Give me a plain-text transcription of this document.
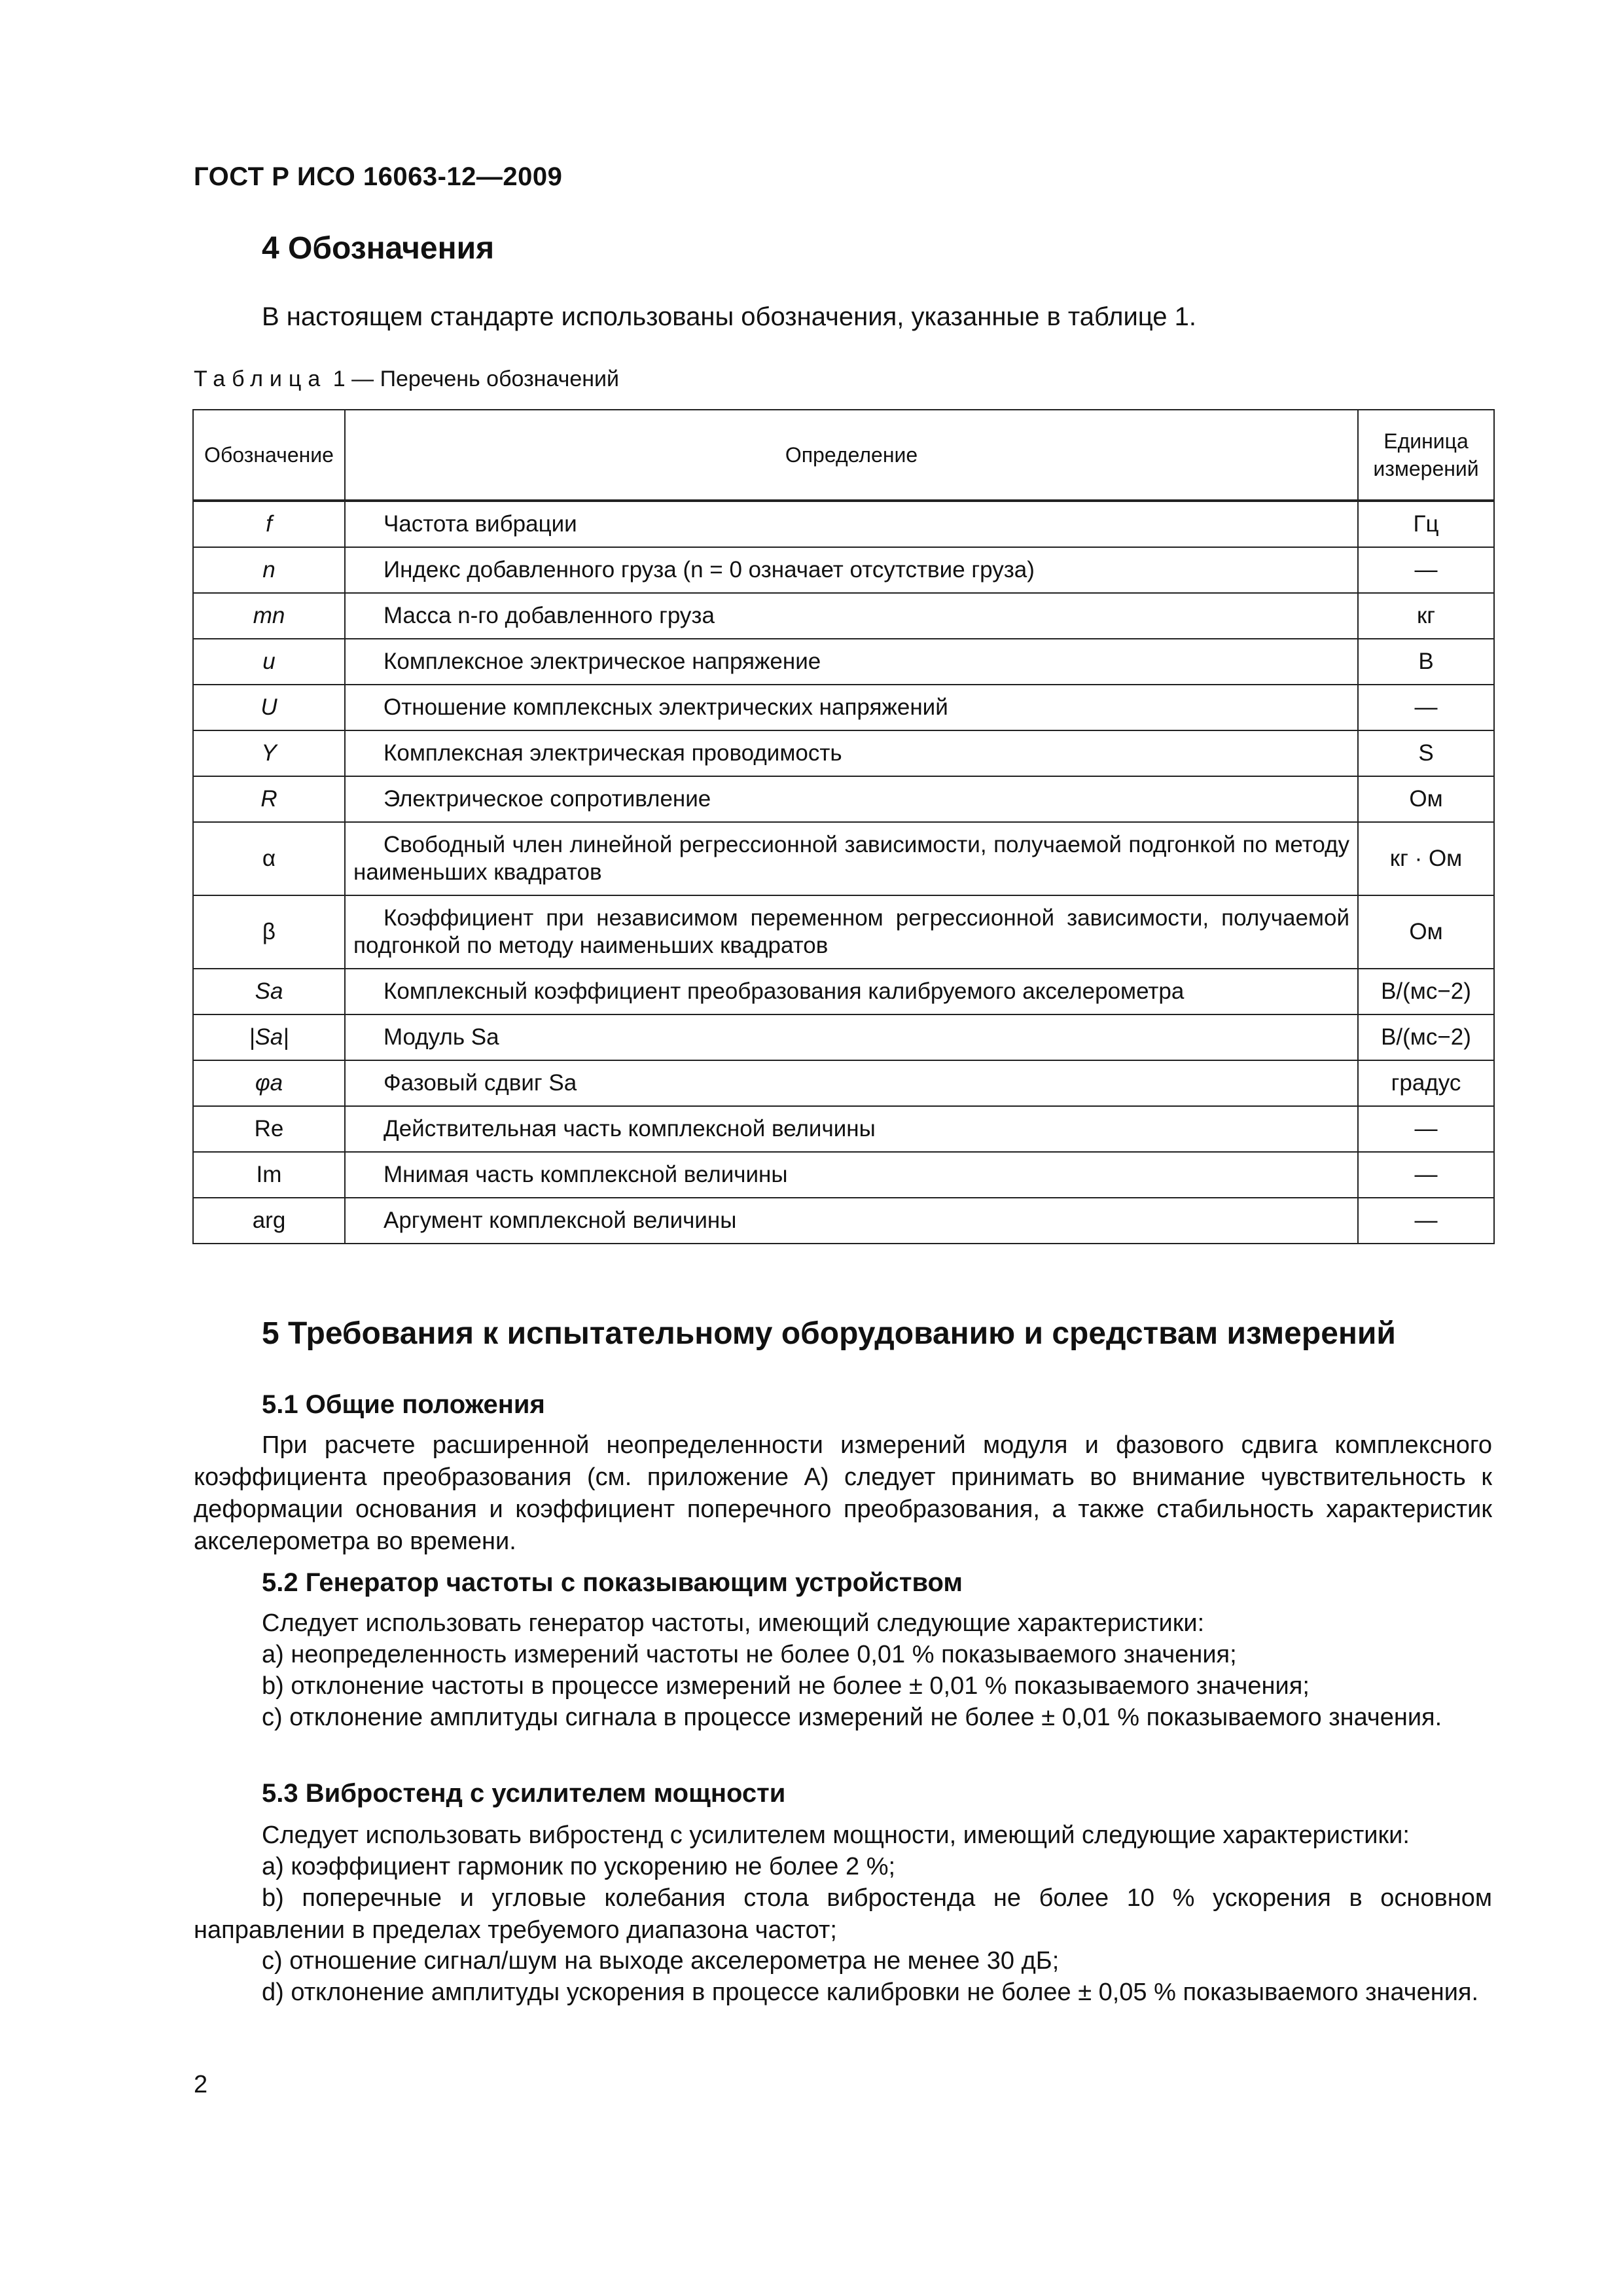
ГОСТ Р ИСО 16063-12—2009
4 Обозначения
В настоящем стандарте использованы обозначения, указанные в таблице 1.
Таблица 1 — Перечень обозначений
Обозначение	Определение	Единица измерений
f	Частота вибрации	Гц
n	Индекс добавленного груза (n = 0 означает отсутствие груза)	—
mn	Масса n-го добавленного груза	кг
u	Комплексное электрическое напряжение	В
U	Отношение комплексных электрических напряжений	—
Y	Комплексная электрическая проводимость	S
R	Электрическое сопротивление	Ом
α	Свободный член линейной регрессионной зависимости, получаемой подгонкой по методу наименьших квадратов	кг · Ом
β	Коэффициент при независимом переменном регрессионной зависимости, получаемой подгонкой по методу наименьших квадратов	Ом
Sa	Комплексный коэффициент преобразования калибруемого акселерометра	В/(мс−2)
|Sa|	Модуль Sa	В/(мс−2)
φa	Фазовый сдвиг Sa	градус
Re	Действительная часть комплексной величины	—
Im	Мнимая часть комплексной величины	—
arg	Аргумент комплексной величины	—
5 Требования к испытательному оборудованию и средствам измерений
5.1 Общие положения
При расчете расширенной неопределенности измерений модуля и фазового сдвига комплексного коэффициента преобразования (см. приложение А) следует принимать во внимание чувствительность к деформации основания и коэффициент поперечного преобразования, а также стабильность характеристик акселерометра во времени.
5.2 Генератор частоты с показывающим устройством
Следует использовать генератор частоты, имеющий следующие характеристики:
a) неопределенность измерений частоты не более 0,01 % показываемого значения;
b) отклонение частоты в процессе измерений не более ± 0,01 % показываемого значения;
c) отклонение амплитуды сигнала в процессе измерений не более ± 0,01 % показываемого значения.
5.3 Вибростенд с усилителем мощности
Следует использовать вибростенд с усилителем мощности, имеющий следующие характеристики:
a) коэффициент гармоник по ускорению не более 2 %;
b) поперечные и угловые колебания стола вибростенда не более 10 % ускорения в основном направлении в пределах требуемого диапазона частот;
c) отношение сигнал/шум на выходе акселерометра не менее 30 дБ;
d) отклонение амплитуды ускорения в процессе калибровки не более ± 0,05 % показываемого значения.
2
